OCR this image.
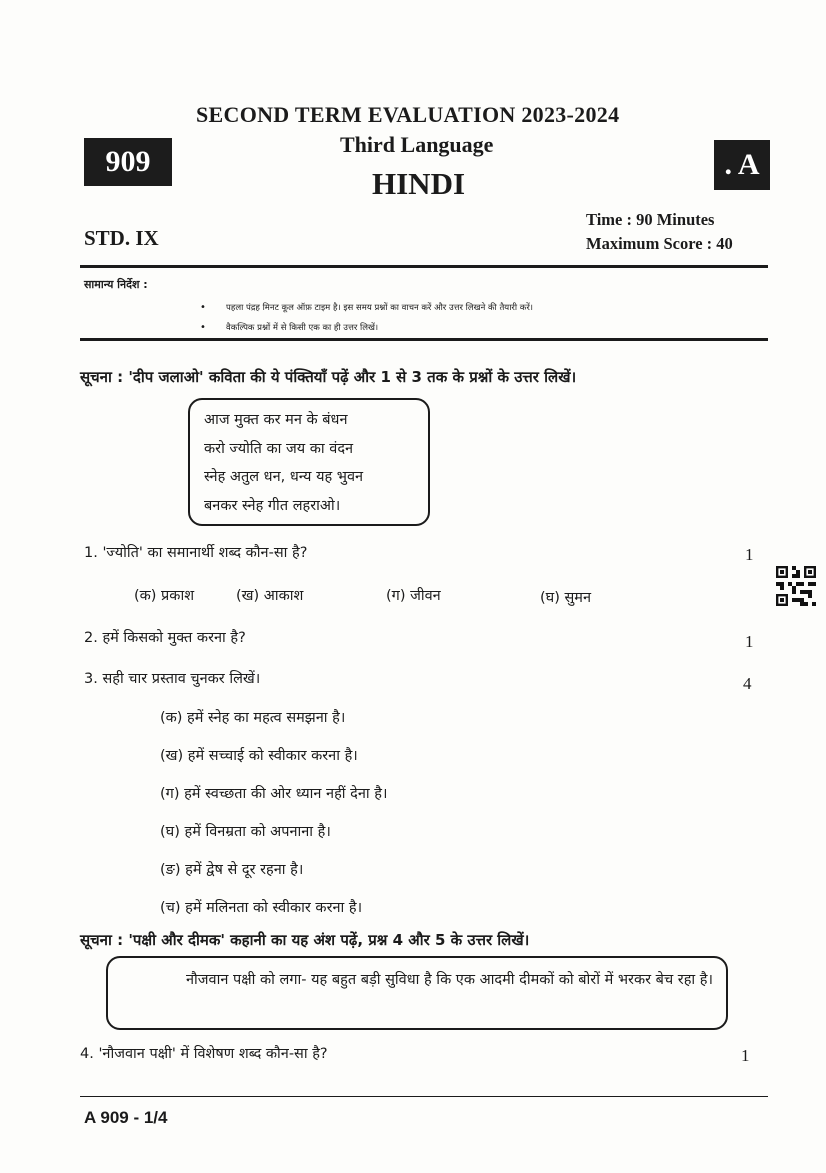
SECOND TERM EVALUATION 2023-2024
Third Language
HINDI
909	. A
STD. IX
Time : 90 Minutes
Maximum Score : 40
सामान्य निर्देश :
• पहला पंद्रह मिनट कूल ऑफ़ टाइम है। इस समय प्रश्नों का वाचन करें और उत्तर लिखने की तैयारी करें।
• वैकल्पिक प्रश्नों में से किसी एक का ही उत्तर लिखें।
सूचना : 'दीप जलाओ' कविता की ये पंक्तियाँ पढ़ें और 1 से 3 तक के प्रश्नों के उत्तर लिखें।
आज मुक्त कर मन के बंधन
करो ज्योति का जय का वंदन
स्नेह अतुल धन, धन्य यह भुवन
बनकर स्नेह गीत लहराओ।
1. 'ज्योति' का समानार्थी शब्द कौन-सा है?	1
(क) प्रकाश	(ख) आकाश	(ग) जीवन	(घ) सुमन
2. हमें किसको मुक्त करना है?	1
3. सही चार प्रस्ताव चुनकर लिखें।	4
(क) हमें स्नेह का महत्व समझना है।
(ख) हमें सच्चाई को स्वीकार करना है।
(ग) हमें स्वच्छता की ओर ध्यान नहीं देना है।
(घ) हमें विनम्रता को अपनाना है।
(ङ) हमें द्वेष से दूर रहना है।
(च) हमें मलिनता को स्वीकार करना है।
सूचना : 'पक्षी और दीमक' कहानी का यह अंश पढ़ें, प्रश्न 4 और 5 के उत्तर लिखें।
नौजवान पक्षी को लगा- यह बहुत बड़ी सुविधा है कि एक आदमी दीमकों को बोरों में भरकर बेच रहा है।
4. 'नौजवान पक्षी' में विशेषण शब्द कौन-सा है?	1
A 909 - 1/4
